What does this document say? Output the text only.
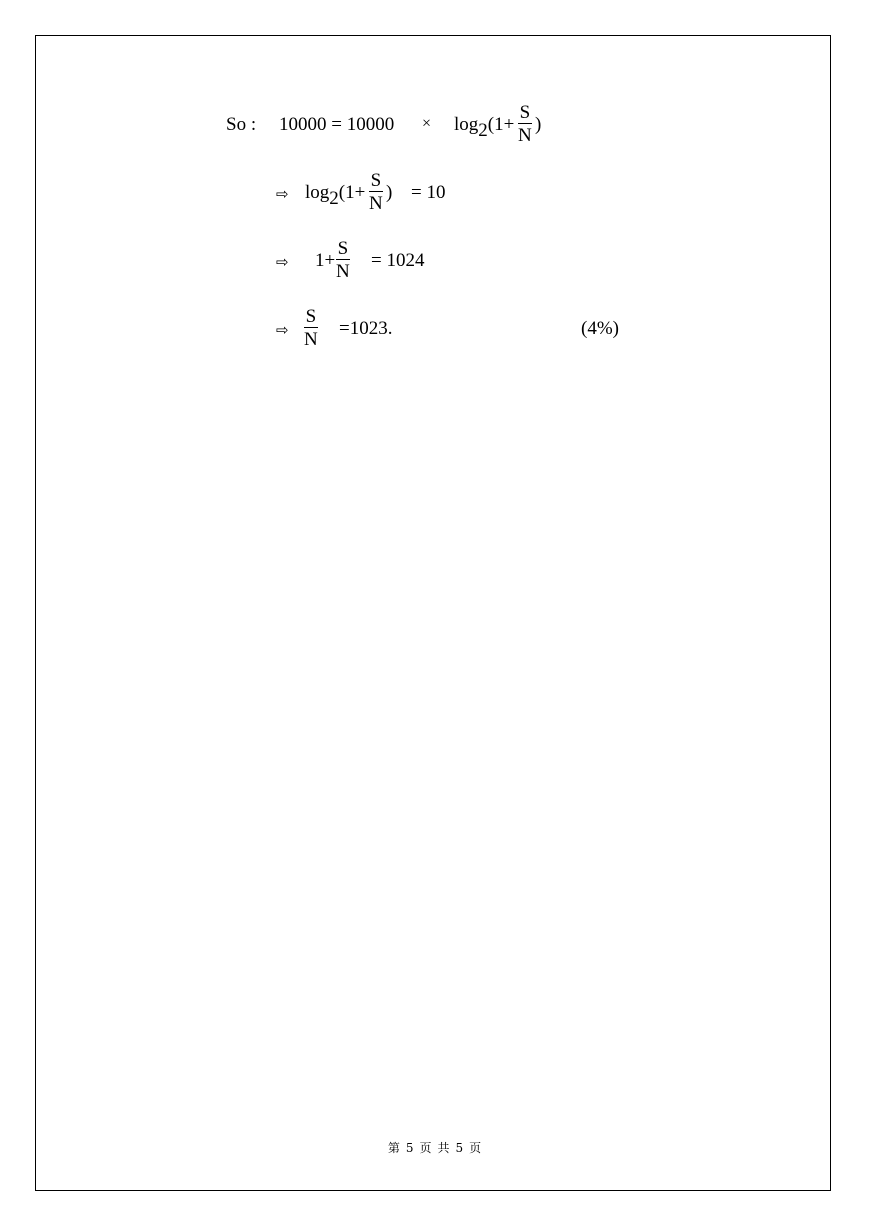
So : 10000 = 10000 × log2(1+
S
N
)
⇨ log2(1+
S
N
) = 10
⇨ 1+
S
N
= 1024
⇨
S
N
=1023.	(4%)
第 5 页 共 5 页
